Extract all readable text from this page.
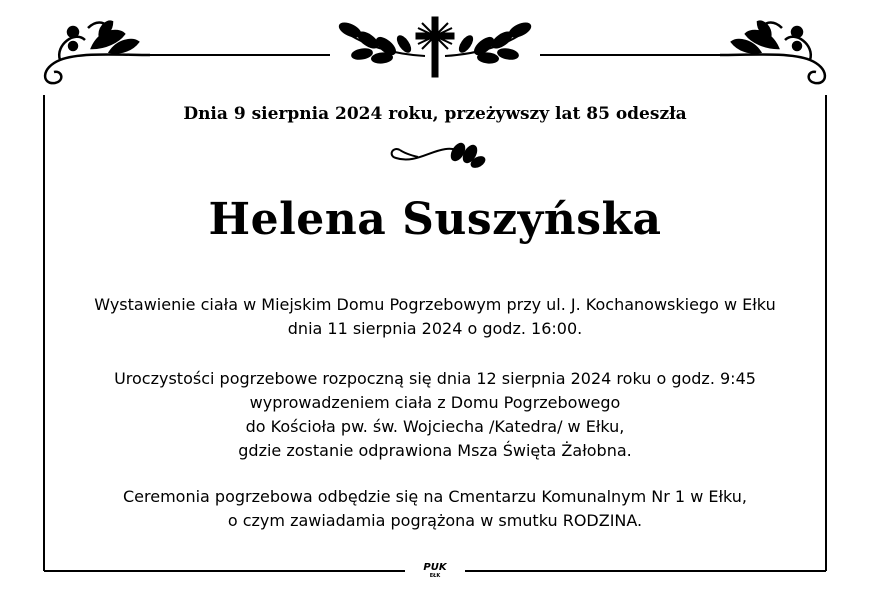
Dnia 9 sierpnia 2024 roku, przeżywszy lat 85 odeszła
Helena Suszyńska
Wystawienie ciała w Miejskim Domu Pogrzebowym przy ul. J. Kochanowskiego w Ełku
dnia 11 sierpnia 2024 o godz. 16:00.
Uroczystości pogrzebowe rozpoczną się dnia 12 sierpnia 2024 roku o godz. 9:45
wyprowadzeniem ciała z Domu Pogrzebowego
do Kościoła pw. św. Wojciecha /Katedra/ w Ełku,
gdzie zostanie odprawiona Msza Święta Żałobna.
Ceremonia pogrzebowa odbędzie się na Cmentarzu Komunalnym Nr 1 w Ełku,
o czym zawiadamia pogrążona w smutku RODZINA.
PUK
EŁK
